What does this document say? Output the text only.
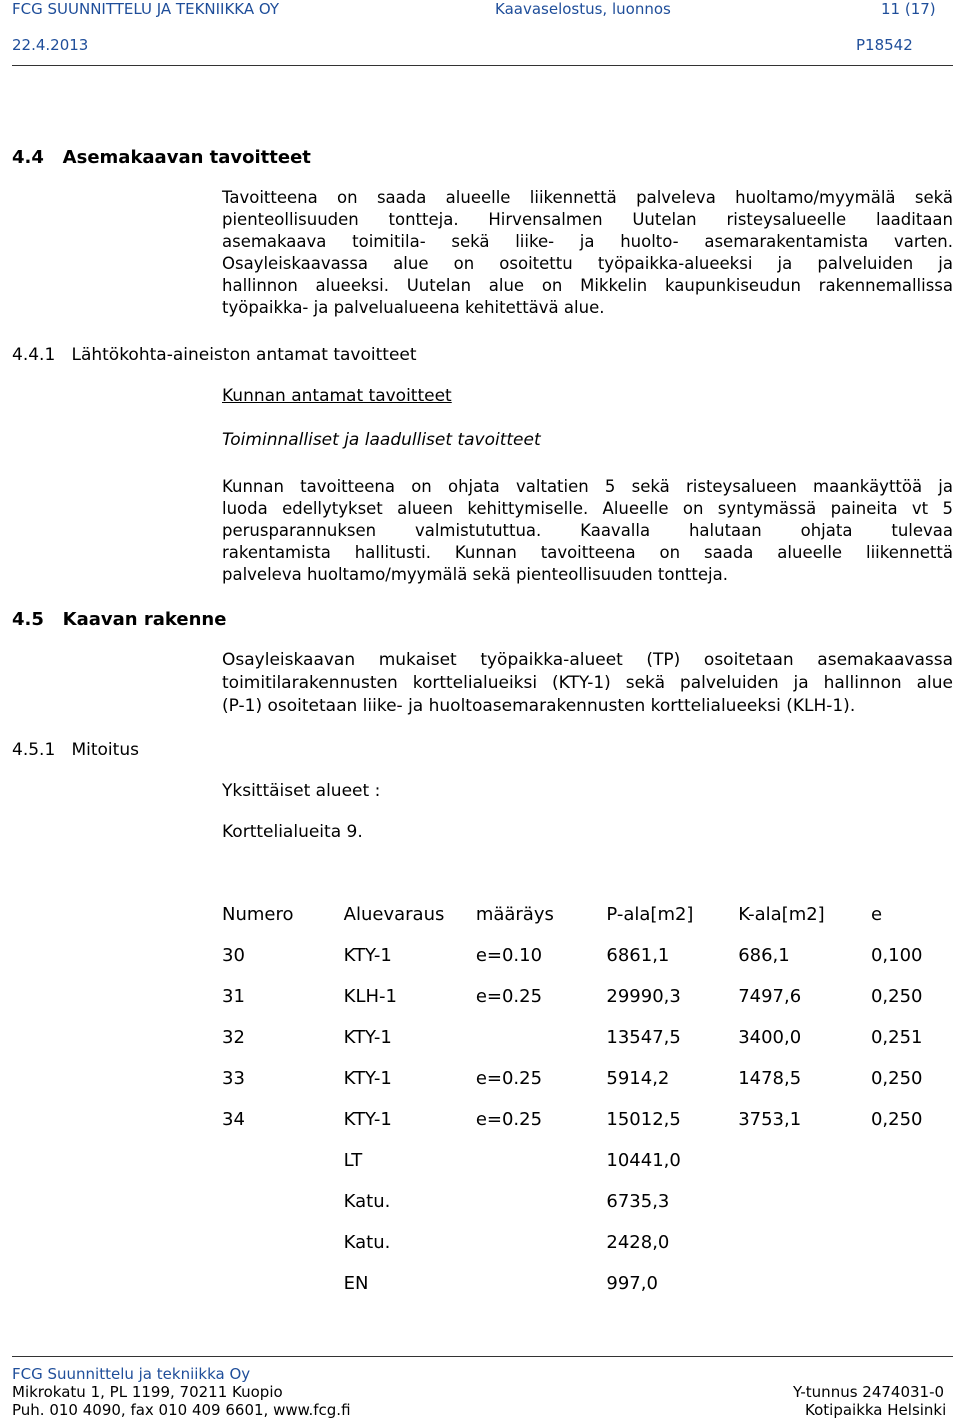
FCG SUUNNITTELU JA TEKNIIKKA OY	Kaavaselostus, luonnos	11 (17)
22.4.2013	P18542
4.4   Asemakaavan tavoitteet
Tavoitteena on saada alueelle liikennettä palveleva huoltamo/myymälä sekä
pienteollisuuden tontteja. Hirvensalmen Uutelan risteysalueelle laaditaan
asemakaava toimitila- sekä liike- ja huolto- asemarakentamista varten.
Osayleiskaavassa alue on osoitettu työpaikka-alueeksi ja palveluiden ja
hallinnon alueeksi. Uutelan alue on Mikkelin kaupunkiseudun rakennemallissa
työpaikka- ja palvelualueena kehitettävä alue.
4.4.1   Lähtökohta-aineiston antamat tavoitteet
Kunnan antamat tavoitteet
Toiminnalliset ja laadulliset tavoitteet
Kunnan tavoitteena on ohjata valtatien 5 sekä risteysalueen maankäyttöä ja
luoda edellytykset alueen kehittymiselle. Alueelle on syntymässä paineita vt 5
perusparannuksen valmistututtua. Kaavalla halutaan ohjata tulevaa
rakentamista hallitusti. Kunnan tavoitteena on saada alueelle liikennettä
palveleva huoltamo/myymälä sekä pienteollisuuden tontteja.
4.5   Kaavan rakenne
Osayleiskaavan mukaiset työpaikka-alueet (TP) osoitetaan asemakaavassa
toimitilarakennusten korttelialueiksi (KTY-1) sekä palveluiden ja hallinnon alue
(P-1) osoitetaan liike- ja huoltoasemarakennusten korttelialueeksi (KLH-1).
4.5.1   Mitoitus
Yksittäiset alueet :
Korttelialueita 9.
Numero	Aluevaraus	määräys	P-ala[m2]	K-ala[m2]	e
30	KTY-1	e=0.10	6861,1	686,1	0,100
31	KLH-1	e=0.25	29990,3	7497,6	0,250
32	KTY-1		13547,5	3400,0	0,251
33	KTY-1	e=0.25	5914,2	1478,5	0,250
34	KTY-1	e=0.25	15012,5	3753,1	0,250
	LT		10441,0		
	Katu.		6735,3		
	Katu.		2428,0		
	EN		997,0		
FCG Suunnittelu ja tekniikka Oy
Mikrokatu 1, PL 1199, 70211 Kuopio
Puh. 010 4090, fax 010 409 6601, www.fcg.fi
Y-tunnus 2474031-0
Kotipaikka Helsinki
